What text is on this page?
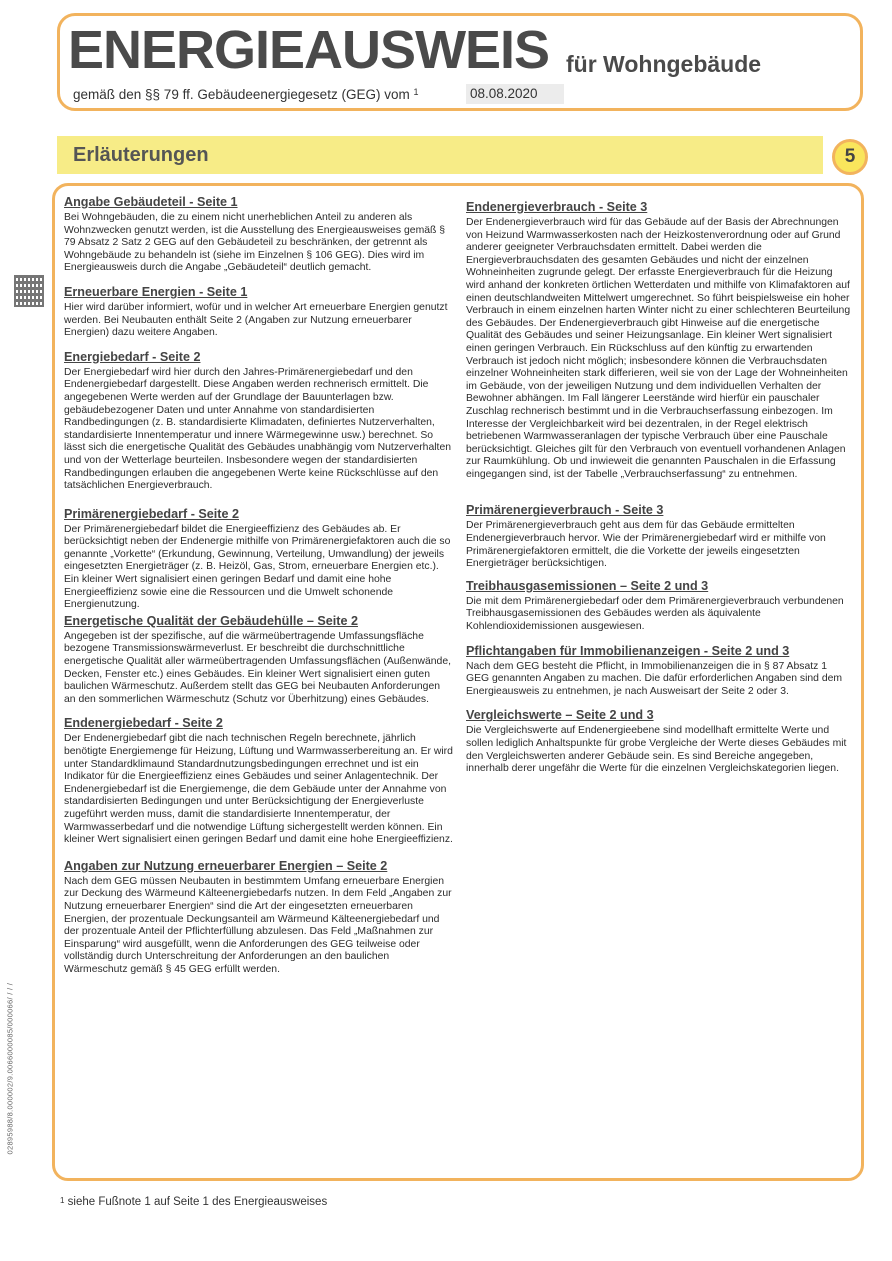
ENERGIEAUSWEIS für Wohngebäude
gemäß den §§ 79 ff. Gebäudeenergiegesetz (GEG) vom $^1$	08.08.2020
Erläuterungen	5
02895988/8.000002/9.0066000085/000066/ / / /
Angabe Gebäudeteil - Seite 1

Bei Wohngebäuden, die zu einem nicht unerheblichen Anteil zu anderen als Wohnzwecken genutzt werden, ist die Ausstellung des Energieausweises gemäß § 79 Absatz 2 Satz 2 GEG auf den Gebäudeteil zu beschränken, der getrennt als Wohngebäude zu behandeln ist (siehe im Einzelnen § 106 GEG). Dies wird im Energieausweis durch die Angabe „Gebäudeteil“ deutlich gemacht.

Erneuerbare Energien - Seite 1

Hier wird darüber informiert, wofür und in welcher Art erneuerbare Energien genutzt werden. Bei Neubauten enthält Seite 2 (Angaben zur Nutzung erneuerbarer Energien) dazu weitere Angaben.

Energiebedarf - Seite 2

Der Energiebedarf wird hier durch den Jahres-Primärenergiebedarf und den Endenergiebedarf dargestellt. Diese Angaben werden rechnerisch ermittelt. Die angegebenen Werte werden auf der Grundlage der Bauunterlagen bzw. gebäudebezogener Daten und unter Annahme von standardisierten Randbedingungen (z. B. standardisierte Klimadaten, definiertes Nutzerverhalten, standardisierte Innentemperatur und innere Wärmegewinne usw.) berechnet. So lässt sich die energetische Qualität des Gebäudes unabhängig vom Nutzerverhalten und von der Wetterlage beurteilen. Insbesondere wegen der standardisierten Randbedingungen erlauben die angegebenen Werte keine Rückschlüsse auf den tatsächlichen Energieverbrauch.

Primärenergiebedarf - Seite 2

Der Primärenergiebedarf bildet die Energieeffizienz des Gebäudes ab. Er berücksichtigt neben der Endenergie mithilfe von Primärenergiefaktoren auch die so genannte „Vorkette“ (Erkundung, Gewinnung, Verteilung, Umwandlung) der jeweils eingesetzten Energieträger (z. B. Heizöl, Gas, Strom, erneuerbare Energien etc.). Ein kleiner Wert signalisiert einen geringen Bedarf und damit eine hohe Energieeffizienz sowie eine die Ressourcen und die Umwelt schonende Energienutzung.

Energetische Qualität der Gebäudehülle – Seite 2

Angegeben ist der spezifische, auf die wärmeübertragende Umfassungsfläche bezogene Transmissionswärmeverlust. Er beschreibt die durchschnittliche energetische Qualität aller wärmeübertragenden Umfassungsflächen (Außenwände, Decken, Fenster etc.) eines Gebäudes. Ein kleiner Wert signalisiert einen guten baulichen Wärmeschutz. Außerdem stellt das GEG bei Neubauten Anforderungen an den sommerlichen Wärmeschutz (Schutz vor Überhitzung) eines Gebäudes.

Endenergiebedarf - Seite 2

Der Endenergiebedarf gibt die nach technischen Regeln berechnete, jährlich benötigte Energiemenge für Heizung, Lüftung und Warmwasserbereitung an. Er wird unter Standardklimaund Standardnutzungsbedingungen errechnet und ist ein Indikator für die Energieeffizienz eines Gebäudes und seiner Anlagentechnik. Der Endenergiebedarf ist die Energiemenge, die dem Gebäude unter der Annahme von standardisierten Bedingungen und unter Berücksichtigung der Energieverluste zugeführt werden muss, damit die standardisierte Innentemperatur, der Warmwasserbedarf und die notwendige Lüftung sichergestellt werden können. Ein kleiner Wert signalisiert einen geringen Bedarf und damit eine hohe Energieeffizienz.

Angaben zur Nutzung erneuerbarer Energien – Seite 2

Nach dem GEG müssen Neubauten in bestimmtem Umfang erneuerbare Energien zur Deckung des Wärmeund Kälteenergiebedarfs nutzen. In dem Feld „Angaben zur Nutzung erneuerbarer Energien“ sind die Art der eingesetzten erneuerbaren Energien, der prozentuale Deckungsanteil am Wärmeund Kälteenergiebedarf und der prozentuale Anteil der Pflichterfüllung abzulesen. Das Feld „Maßnahmen zur Einsparung“ wird ausgefüllt, wenn die Anforderungen des GEG teilweise oder vollständig durch Unterschreitung der Anforderungen an den baulichen Wärmeschutz gemäß § 45 GEG erfüllt werden.

Endenergieverbrauch - Seite 3

Der Endenergieverbrauch wird für das Gebäude auf der Basis der Abrechnungen von Heizund Warmwasserkosten nach der Heizkostenverordnung oder auf Grund anderer geeigneter Verbrauchsdaten ermittelt. Dabei werden die Energieverbrauchsdaten des gesamten Gebäudes und nicht der einzelnen Wohneinheiten zugrunde gelegt. Der erfasste Energieverbrauch für die Heizung wird anhand der konkreten örtlichen Wetterdaten und mithilfe von Klimafaktoren auf einen deutschlandweiten Mittelwert umgerechnet. So führt beispielsweise ein hoher Verbrauch in einem einzelnen harten Winter nicht zu einer schlechteren Beurteilung des Gebäudes. Der Endenergieverbrauch gibt Hinweise auf die energetische Qualität des Gebäudes und seiner Heizungsanlage. Ein kleiner Wert signalisiert einen geringen Verbrauch. Ein Rückschluss auf den künftig zu erwartenden Verbrauch ist jedoch nicht möglich; insbesondere können die Verbrauchsdaten einzelner Wohneinheiten stark differieren, weil sie von der Lage der Wohneinheiten im Gebäude, von der jeweiligen Nutzung und dem individuellen Verhalten der Bewohner abhängen. Im Fall längerer Leerstände wird hierfür ein pauschaler Zuschlag rechnerisch bestimmt und in die Verbrauchserfassung einbezogen. Im Interesse der Vergleichbarkeit wird bei dezentralen, in der Regel elektrisch betriebenen Warmwasseranlagen der typische Verbrauch über eine Pauschale berücksichtigt. Gleiches gilt für den Verbrauch von eventuell vorhandenen Anlagen zur Raumkühlung. Ob und inwieweit die genannten Pauschalen in die Erfassung eingegangen sind, ist der Tabelle „Verbrauchserfassung“ zu entnehmen.

Primärenergieverbrauch - Seite 3

Der Primärenergieverbrauch geht aus dem für das Gebäude ermittelten Endenergieverbrauch hervor. Wie der Primärenergiebedarf wird er mithilfe von Primärenergiefaktoren ermittelt, die die Vorkette der jeweils eingesetzten Energieträger berücksichtigen.

Treibhausgasemissionen – Seite 2 und 3

Die mit dem Primärenergiebedarf oder dem Primärenergieverbrauch verbundenen Treibhausgasemissionen des Gebäudes werden als äquivalente Kohlendioxidemissionen ausgewiesen.

Pflichtangaben für Immobilienanzeigen - Seite 2 und 3

Nach dem GEG besteht die Pflicht, in Immobilienanzeigen die in § 87 Absatz 1 GEG genannten Angaben zu machen. Die dafür erforderlichen Angaben sind dem Energieausweis zu entnehmen, je nach Ausweisart der Seite 2 oder 3.

Vergleichswerte – Seite 2 und 3

Die Vergleichswerte auf Endenergieebene sind modellhaft ermittelte Werte und sollen lediglich Anhaltspunkte für grobe Vergleiche der Werte dieses Gebäudes mit den Vergleichswerten anderer Gebäude sein. Es sind Bereiche angegeben, innerhalb derer ungefähr die Werte für die einzelnen Vergleichskategorien liegen.

$^1$ siehe Fußnote 1 auf Seite 1 des Energieausweises
